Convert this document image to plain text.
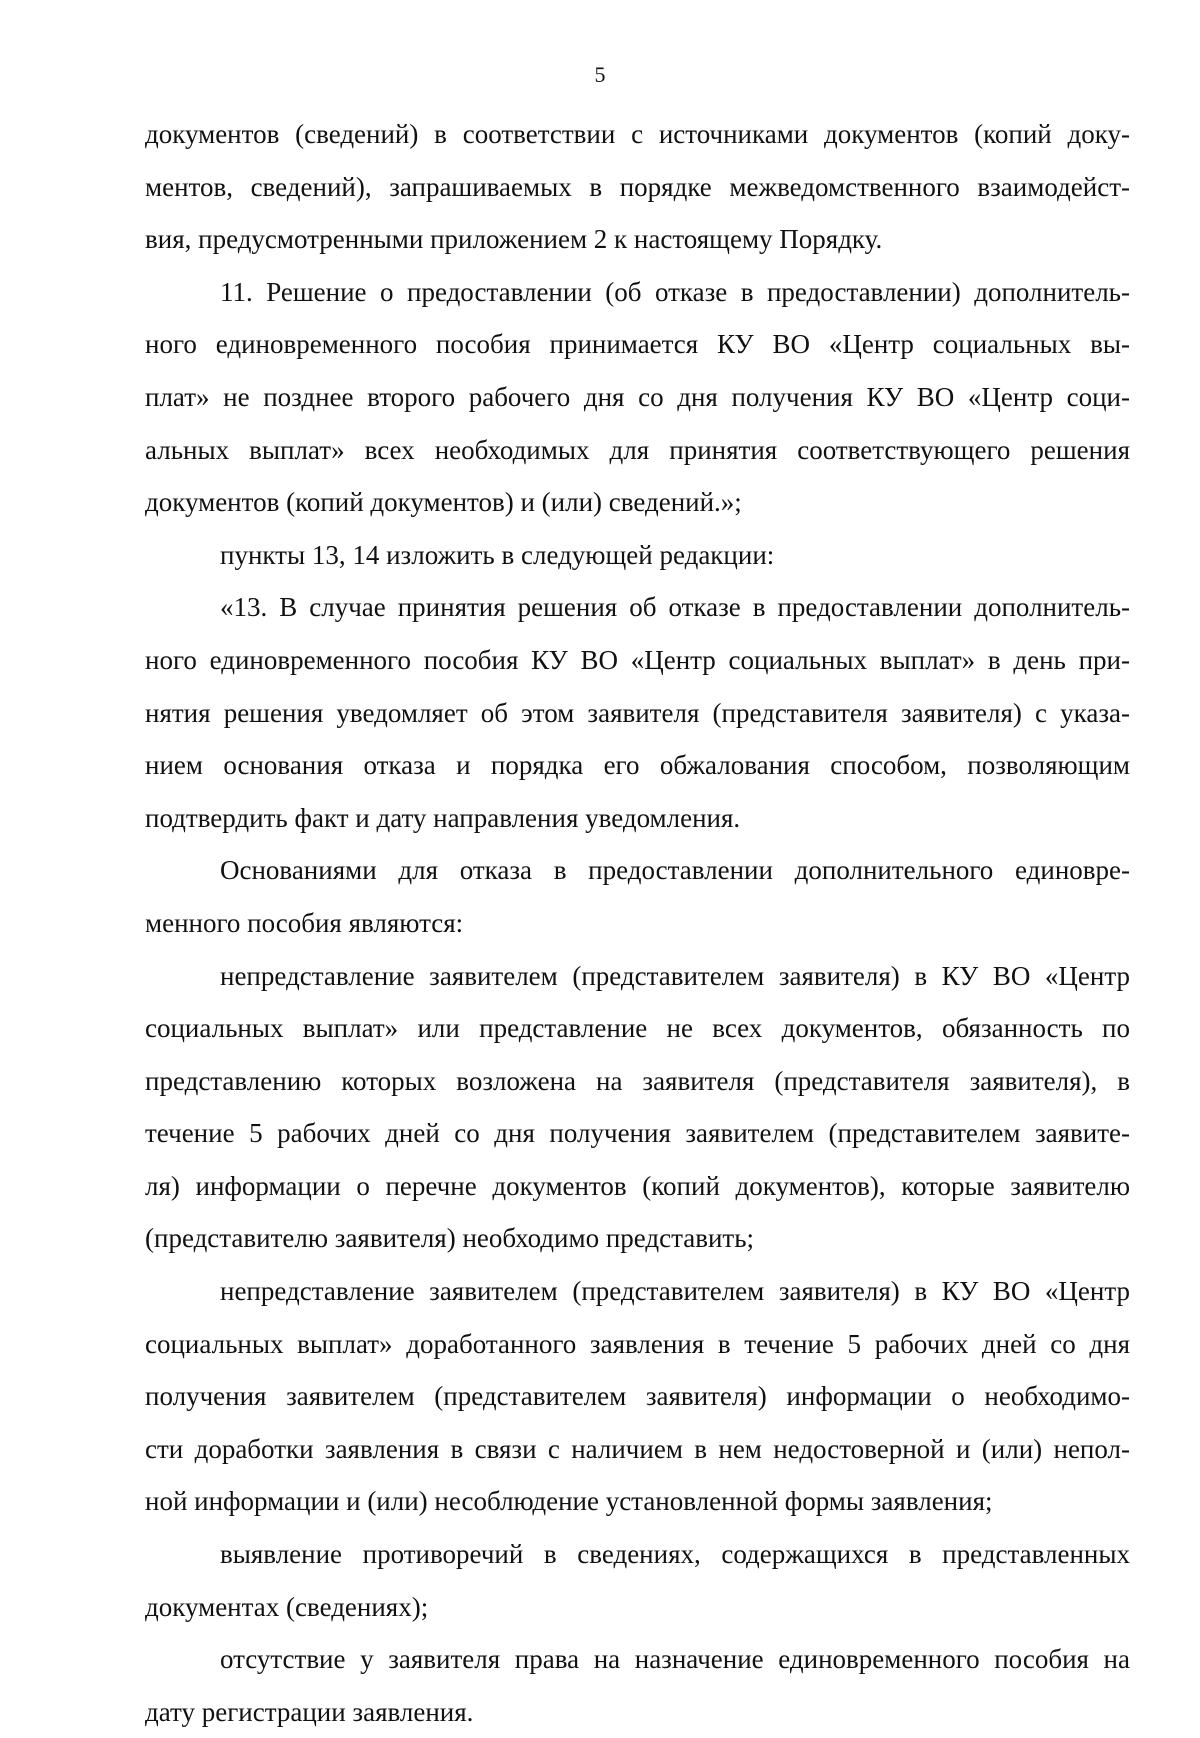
5

документов (сведений) в соответствии с источниками документов (копий доку-
ментов, сведений), запрашиваемых в порядке межведомственного взаимодейст-
вия, предусмотренными приложением 2 к настоящему Порядку.

11. Решение о предоставлении (об отказе в предоставлении) дополнитель-
ного единовременного пособия принимается КУ ВО «Центр социальных вы-
плат» не позднее второго рабочего дня со дня получения КУ ВО «Центр соци-
альных выплат» всех необходимых для принятия соответствующего решения
документов (копий документов) и (или) сведений.»;

пункты 13, 14 изложить в следующей редакции:

«13. В случае принятия решения об отказе в предоставлении дополнитель-
ного единовременного пособия КУ ВО «Центр социальных выплат» в день при-
нятия решения уведомляет об этом заявителя (представителя заявителя) с указа-
нием основания отказа и порядка его обжалования способом, позволяющим
подтвердить факт и дату направления уведомления.

Основаниями для отказа в предоставлении дополнительного единовре-
менного пособия являются:

непредставление заявителем (представителем заявителя) в КУ ВО «Центр
социальных выплат» или представление не всех документов, обязанность по
представлению которых возложена на заявителя (представителя заявителя), в
течение 5 рабочих дней со дня получения заявителем (представителем заявите-
ля) информации о перечне документов (копий документов), которые заявителю
(представителю заявителя) необходимо представить;

непредставление заявителем (представителем заявителя) в КУ ВО «Центр
социальных выплат» доработанного заявления в течение 5 рабочих дней со дня
получения заявителем (представителем заявителя) информации о необходимо-
сти доработки заявления в связи с наличием в нем недостоверной и (или) непол-
ной информации и (или) несоблюдение установленной формы заявления;

выявление противоречий в сведениях, содержащихся в представленных
документах (сведениях);

отсутствие у заявителя права на назначение единовременного пособия на
дату регистрации заявления.
